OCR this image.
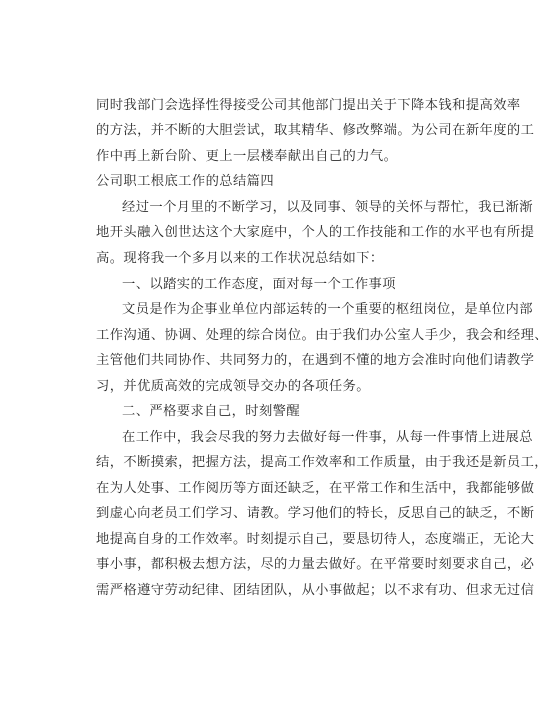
同时我部门会选择性得接受公司其他部门提出关于下降本钱和提高效率
的方法，并不断的大胆尝试，取其精华、修改弊端。为公司在新年度的工
作中再上新台阶、更上一层楼奉献出自己的力气。
公司职工根底工作的总结篇四
经过一个月里的不断学习，以及同事、领导的关怀与帮忙，我已渐渐
地开头融入创世达这个大家庭中，个人的工作技能和工作的水平也有所提
高。现将我一个多月以来的工作状况总结如下：
一、以踏实的工作态度，面对每一个工作事项
文员是作为企事业单位内部运转的一个重要的枢纽岗位，是单位内部
工作沟通、协调、处理的综合岗位。由于我们办公室人手少，我会和经理、
主管他们共同协作、共同努力的，在遇到不懂的地方会准时向他们请教学
习，并优质高效的完成领导交办的各项任务。
二、严格要求自己，时刻警醒
在工作中，我会尽我的努力去做好每一件事，从每一件事情上进展总
结，不断摸索，把握方法，提高工作效率和工作质量，由于我还是新员工，
在为人处事、工作阅历等方面还缺乏，在平常工作和生活中，我都能够做
到虚心向老员工们学习、请教。学习他们的特长，反思自己的缺乏，不断
地提高自身的工作效率。时刻提示自己，要恳切待人，态度端正，无论大
事小事，都积极去想方法，尽的力量去做好。在平常要时刻要求自己，必
需严格遵守劳动纪律、团结团队，从小事做起；以不求有功、但求无过信
